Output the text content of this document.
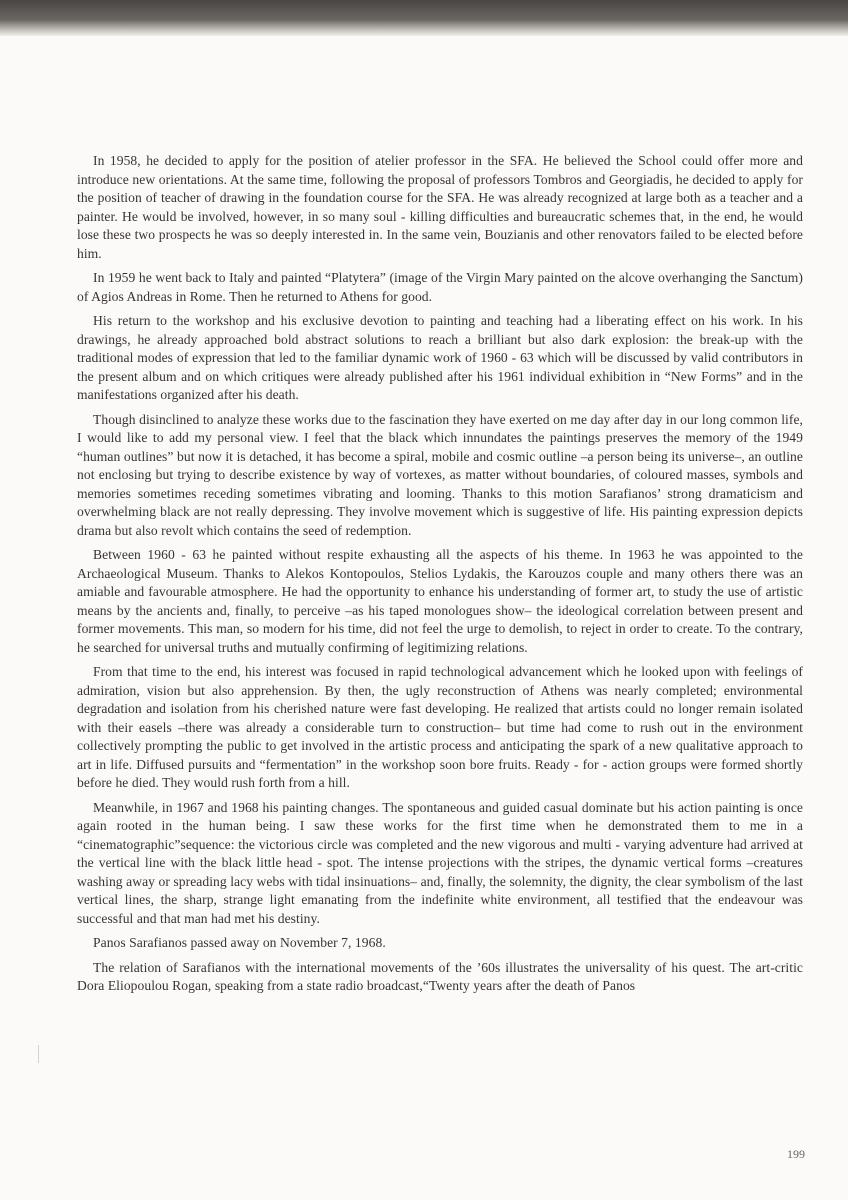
In 1958, he decided to apply for the position of atelier professor in the SFA. He believed the School could offer more and introduce new orientations. At the same time, following the proposal of professors Tombros and Georgiadis, he decided to apply for the position of teacher of drawing in the foundation course for the SFA. He was already recognized at large both as a teacher and a painter. He would be involved, however, in so many soul - killing difficulties and bureaucratic schemes that, in the end, he would lose these two prospects he was so deeply interested in. In the same vein, Bouzianis and other renovators failed to be elected before him.

In 1959 he went back to Italy and painted “Platytera” (image of the Virgin Mary painted on the alcove overhanging the Sanctum) of Agios Andreas in Rome. Then he returned to Athens for good.

His return to the workshop and his exclusive devotion to painting and teaching had a liberating effect on his work. In his drawings, he already approached bold abstract solutions to reach a brilliant but also dark explosion: the break-up with the traditional modes of expression that led to the familiar dynamic work of 1960 - 63 which will be discussed by valid contributors in the present album and on which critiques were already published after his 1961 individual exhibition in “New Forms” and in the manifestations organized after his death.

Though disinclined to analyze these works due to the fascination they have exerted on me day after day in our long common life, I would like to add my personal view. I feel that the black which innundates the paintings preserves the memory of the 1949 “human outlines” but now it is detached, it has become a spiral, mobile and cosmic outline –a person being its universe–, an outline not enclosing but trying to describe existence by way of vortexes, as matter without boundaries, of coloured masses, symbols and memories sometimes receding sometimes vibrating and looming. Thanks to this motion Sarafianos’ strong dramaticism and overwhelming black are not really depressing. They involve movement which is suggestive of life. His painting expression depicts drama but also revolt which contains the seed of redemption.

Between 1960 - 63 he painted without respite exhausting all the aspects of his theme. In 1963 he was appointed to the Archaeological Museum. Thanks to Alekos Kontopoulos, Stelios Lydakis, the Karouzos couple and many others there was an amiable and favourable atmosphere. He had the opportunity to enhance his understanding of former art, to study the use of artistic means by the ancients and, finally, to perceive –as his taped monologues show– the ideological correlation between present and former movements. This man, so modern for his time, did not feel the urge to demolish, to reject in order to create. To the contrary, he searched for universal truths and mutually confirming of legitimizing relations.

From that time to the end, his interest was focused in rapid technological advancement which he looked upon with feelings of admiration, vision but also apprehension. By then, the ugly reconstruction of Athens was nearly completed; environmental degradation and isolation from his cherished nature were fast developing. He realized that artists could no longer remain isolated with their easels –there was already a considerable turn to construction– but time had come to rush out in the environment collectively prompting the public to get involved in the artistic process and anticipating the spark of a new qualitative approach to art in life. Diffused pursuits and “fermentation” in the workshop soon bore fruits. Ready - for - action groups were formed shortly before he died. They would rush forth from a hill.

Meanwhile, in 1967 and 1968 his painting changes. The spontaneous and guided casual dominate but his action painting is once again rooted in the human being. I saw these works for the first time when he demonstrated them to me in a “cinematographic”sequence: the victorious circle was completed and the new vigorous and multi - varying adventure had arrived at the vertical line with the black little head - spot. The intense projections with the stripes, the dynamic vertical forms –creatures washing away or spreading lacy webs with tidal insinuations– and, finally, the solemnity, the dignity, the clear symbolism of the last vertical lines, the sharp, strange light emanating from the indefinite white environment, all testified that the endeavour was successful and that man had met his destiny.

Panos Sarafianos passed away on November 7, 1968.

The relation of Sarafianos with the international movements of the ’60s illustrates the universality of his quest. The art-critic Dora Eliopoulou Rogan, speaking from a state radio broadcast,“Twenty years after the death of Panos

199
